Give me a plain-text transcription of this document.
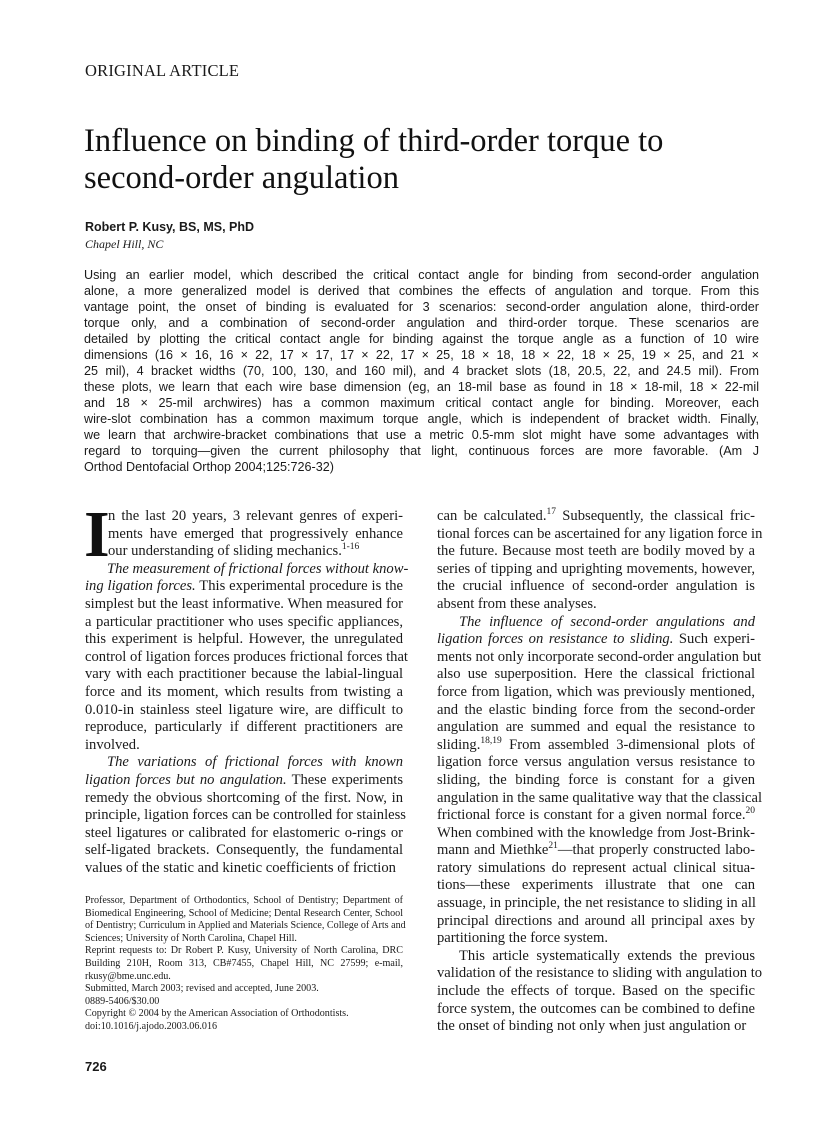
ORIGINAL ARTICLE
Influence on binding of third-order torque to
second-order angulation
Robert P. Kusy, BS, MS, PhD
Chapel Hill, NC
Using an earlier model, which described the critical contact angle for binding from second-order angulation
alone, a more generalized model is derived that combines the effects of angulation and torque. From this
vantage point, the onset of binding is evaluated for 3 scenarios: second-order angulation alone, third-order
torque only, and a combination of second-order angulation and third-order torque. These scenarios are
detailed by plotting the critical contact angle for binding against the torque angle as a function of 10 wire
dimensions (16 × 16, 16 × 22, 17 × 17, 17 × 22, 17 × 25, 18 × 18, 18 × 22, 18 × 25, 19 × 25, and 21 ×
25 mil), 4 bracket widths (70, 100, 130, and 160 mil), and 4 bracket slots (18, 20.5, 22, and 24.5 mil). From
these plots, we learn that each wire base dimension (eg, an 18-mil base as found in 18 × 18-mil, 18 × 22-mil
and 18 × 25-mil archwires) has a common maximum critical contact angle for binding. Moreover, each
wire-slot combination has a common maximum torque angle, which is independent of bracket width. Finally,
we learn that archwire-bracket combinations that use a metric 0.5-mm slot might have some advantages with
regard to torquing—given the current philosophy that light, continuous forces are more favorable. (Am J
Orthod Dentofacial Orthop 2004;125:726-32)
I
n the last 20 years, 3 relevant genres of experi-
ments have emerged that progressively enhance
our understanding of sliding mechanics.$^{1-16}$
The measurement of frictional forces without know-
ing ligation forces. This experimental procedure is the
simplest but the least informative. When measured for
a particular practitioner who uses specific appliances,
this experiment is helpful. However, the unregulated
control of ligation forces produces frictional forces that
vary with each practitioner because the labial-lingual
force and its moment, which results from twisting a
0.010-in stainless steel ligature wire, are difficult to
reproduce, particularly if different practitioners are
involved.
The variations of frictional forces with known
ligation forces but no angulation. These experiments
remedy the obvious shortcoming of the first. Now, in
principle, ligation forces can be controlled for stainless
steel ligatures or calibrated for elastomeric o-rings or
self-ligated brackets. Consequently, the fundamental
values of the static and kinetic coefficients of friction
can be calculated.$^{17}$ Subsequently, the classical fric-
tional forces can be ascertained for any ligation force in
the future. Because most teeth are bodily moved by a
series of tipping and uprighting movements, however,
the crucial influence of second-order angulation is
absent from these analyses.
The influence of second-order angulations and
ligation forces on resistance to sliding. Such experi-
ments not only incorporate second-order angulation but
also use superposition. Here the classical frictional
force from ligation, which was previously mentioned,
and the elastic binding force from the second-order
angulation are summed and equal the resistance to
sliding.$^{18,19}$ From assembled 3-dimensional plots of
ligation force versus angulation versus resistance to
sliding, the binding force is constant for a given
angulation in the same qualitative way that the classical
frictional force is constant for a given normal force.$^{20}$
When combined with the knowledge from Jost-Brink-
mann and Miethke$^{21}$—that properly constructed labo-
ratory simulations do represent actual clinical situa-
tions—these experiments illustrate that one can
assuage, in principle, the net resistance to sliding in all
principal directions and around all principal axes by
partitioning the force system.
This article systematically extends the previous
validation of the resistance to sliding with angulation to
include the effects of torque. Based on the specific
force system, the outcomes can be combined to define
the onset of binding not only when just angulation or
Professor, Department of Orthodontics, School of Dentistry; Department of
Biomedical Engineering, School of Medicine; Dental Research Center, School
of Dentistry; Curriculum in Applied and Materials Science, College of Arts and
Sciences; University of North Carolina, Chapel Hill.
Reprint requests to: Dr Robert P. Kusy, University of North Carolina, DRC
Building 210H, Room 313, CB#7455, Chapel Hill, NC 27599; e-mail,
rkusy@bme.unc.edu.
Submitted, March 2003; revised and accepted, June 2003.
0889-5406/$30.00
Copyright © 2004 by the American Association of Orthodontists.
doi:10.1016/j.ajodo.2003.06.016
726
